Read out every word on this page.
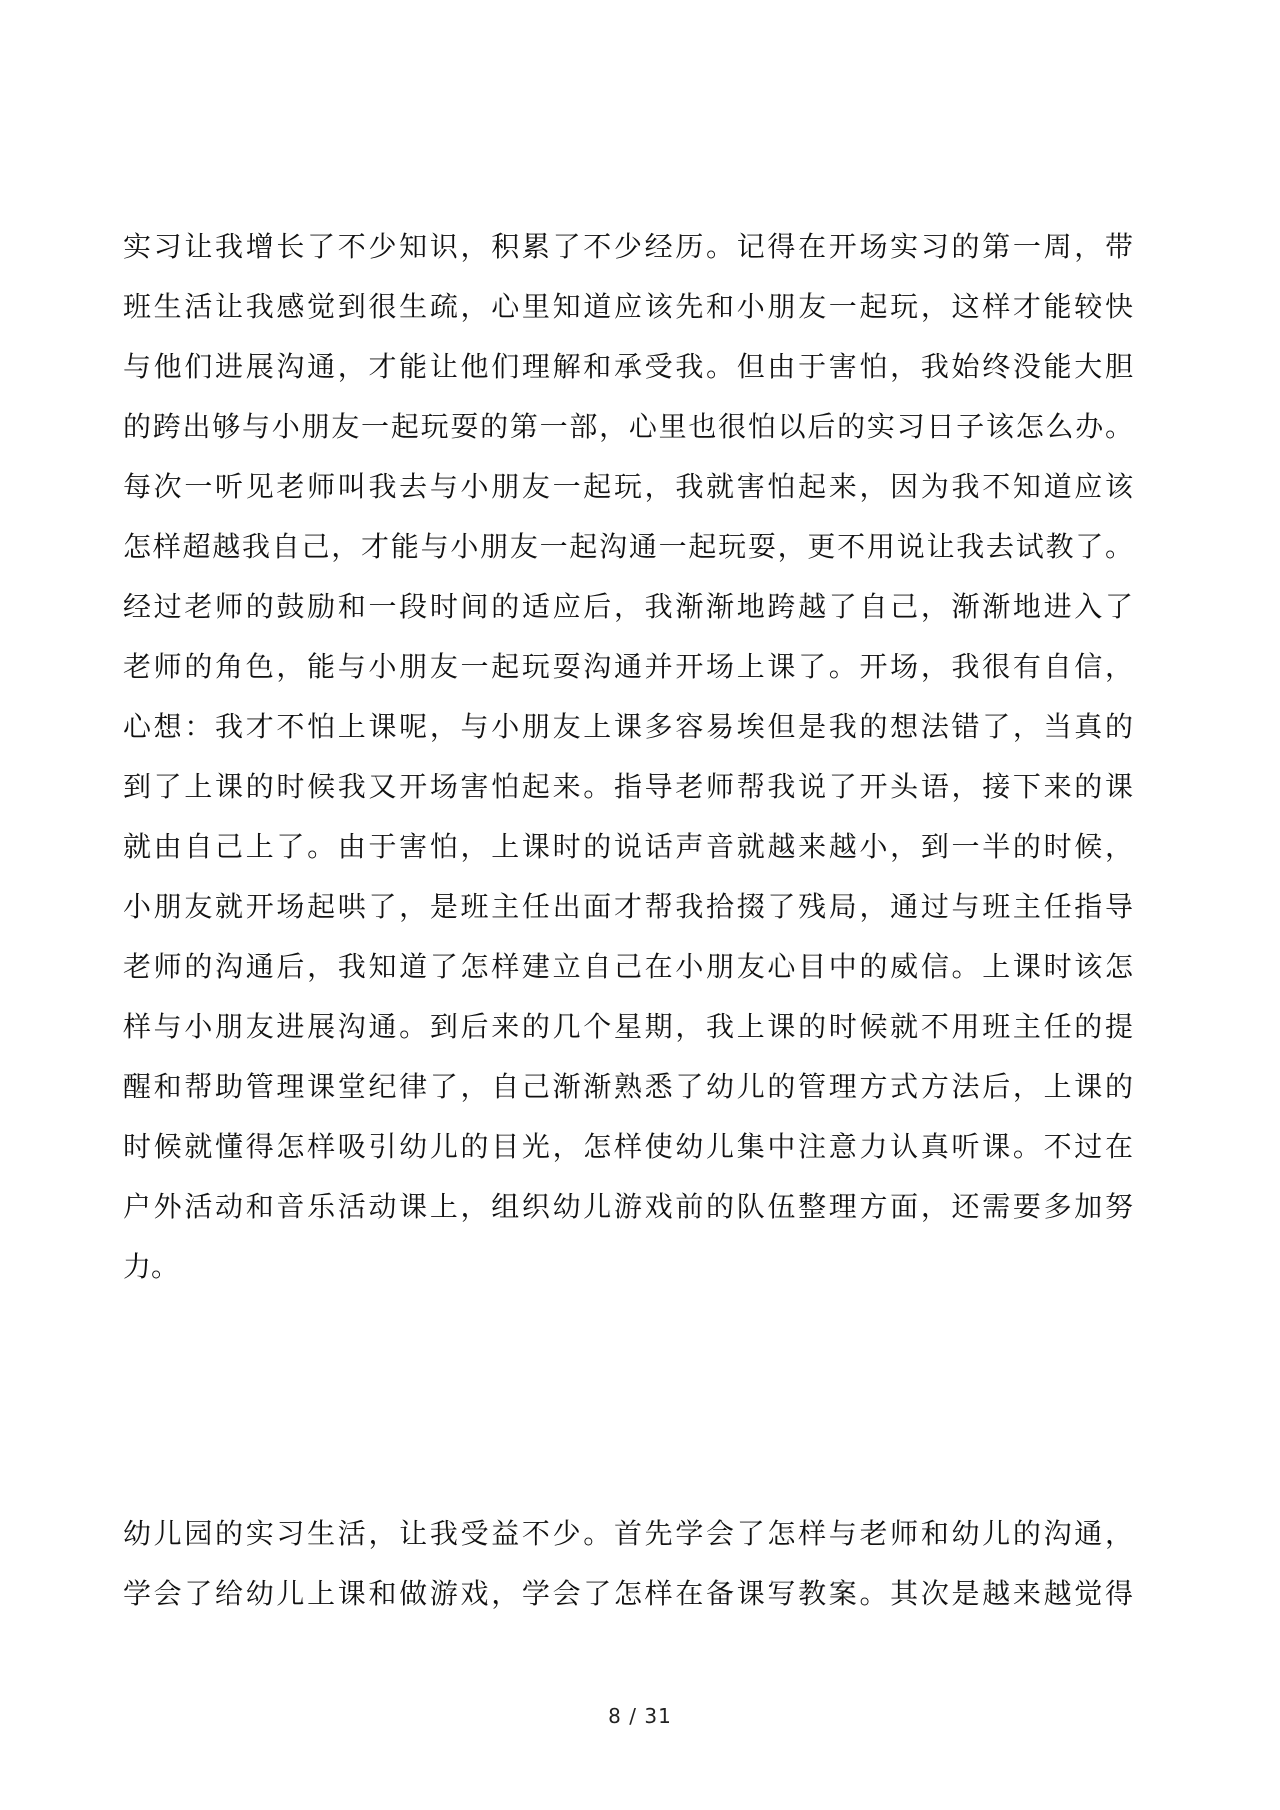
实习让我增长了不少知识，积累了不少经历。记得在开场实习的第一周，带
班生活让我感觉到很生疏，心里知道应该先和小朋友一起玩，这样才能较快
与他们进展沟通，才能让他们理解和承受我。但由于害怕，我始终没能大胆
的跨出够与小朋友一起玩耍的第一部，心里也很怕以后的实习日子该怎么办。
每次一听见老师叫我去与小朋友一起玩，我就害怕起来，因为我不知道应该
怎样超越我自己，才能与小朋友一起沟通一起玩耍，更不用说让我去试教了。
经过老师的鼓励和一段时间的适应后，我渐渐地跨越了自己，渐渐地进入了
老师的角色，能与小朋友一起玩耍沟通并开场上课了。开场，我很有自信，
心想：我才不怕上课呢，与小朋友上课多容易埃但是我的想法错了，当真的
到了上课的时候我又开场害怕起来。指导老师帮我说了开头语，接下来的课
就由自己上了。由于害怕，上课时的说话声音就越来越小，到一半的时候，
小朋友就开场起哄了，是班主任出面才帮我拾掇了残局，通过与班主任指导
老师的沟通后，我知道了怎样建立自己在小朋友心目中的威信。上课时该怎
样与小朋友进展沟通。到后来的几个星期，我上课的时候就不用班主任的提
醒和帮助管理课堂纪律了，自己渐渐熟悉了幼儿的管理方式方法后，上课的
时候就懂得怎样吸引幼儿的目光，怎样使幼儿集中注意力认真听课。不过在
户外活动和音乐活动课上，组织幼儿游戏前的队伍整理方面，还需要多加努
力。
幼儿园的实习生活，让我受益不少。首先学会了怎样与老师和幼儿的沟通，
学会了给幼儿上课和做游戏，学会了怎样在备课写教案。其次是越来越觉得
8 / 31
